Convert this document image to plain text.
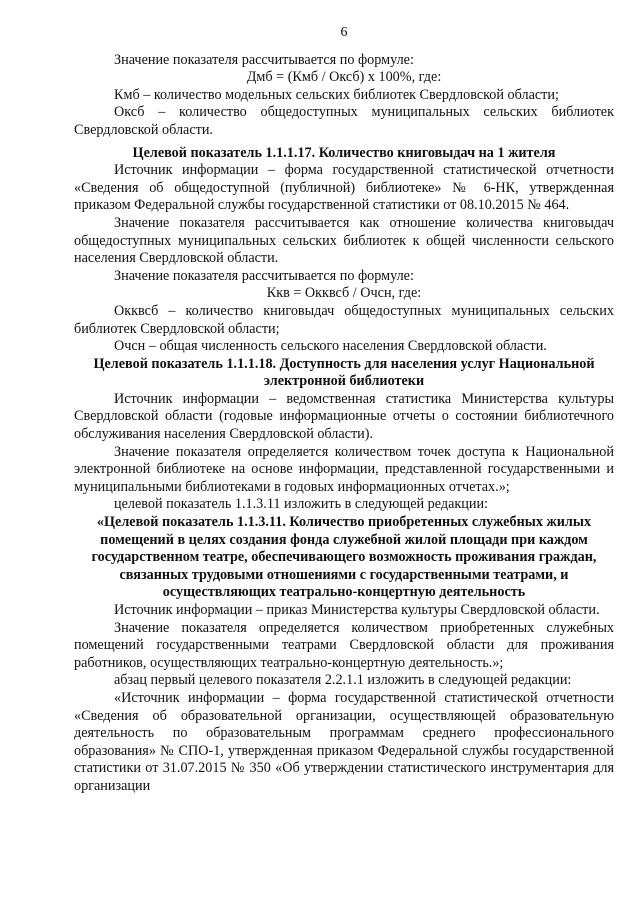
6

Значение показателя рассчитывается по формуле:

Дмб = (Кмб / Оксб) х 100%, где:

Кмб – количество модельных сельских библиотек Свердловской области;

Оксб – количество общедоступных муниципальных сельских библиотек Свердловской области.

Целевой показатель 1.1.1.17. Количество книговыдач на 1 жителя

Источник информации – форма государственной статистической отчетности «Сведения об общедоступной (публичной) библиотеке» № 6-НК, утвержденная приказом Федеральной службы государственной статистики от 08.10.2015 № 464.

Значение показателя рассчитывается как отношение количества книговыдач общедоступных муниципальных сельских библиотек к общей численности сельского населения Свердловской области.

Значение показателя рассчитывается по формуле:

Ккв = Окквсб / Очсн, где:

Окквсб – количество книговыдач общедоступных муниципальных сельских библиотек Свердловской области;

Очсн – общая численность сельского населения Свердловской области.

Целевой показатель 1.1.1.18. Доступность для населения услуг Национальной электронной библиотеки

Источник информации – ведомственная статистика Министерства культуры Свердловской области (годовые информационные отчеты о состоянии библиотечного обслуживания населения Свердловской области).

Значение показателя определяется количеством точек доступа к Национальной электронной библиотеке на основе информации, представленной государственными и муниципальными библиотеками в годовых информационных отчетах.»;

целевой показатель 1.1.3.11 изложить в следующей редакции:

«Целевой показатель 1.1.3.11. Количество приобретенных служебных жилых помещений в целях создания фонда служебной жилой площади при каждом государственном театре, обеспечивающего возможность проживания граждан, связанных трудовыми отношениями с государственными театрами, и осуществляющих театрально-концертную деятельность

Источник информации – приказ Министерства культуры Свердловской области.

Значение показателя определяется количеством приобретенных служебных помещений государственными театрами Свердловской области для проживания работников, осуществляющих театрально-концертную деятельность.»;

абзац первый целевого показателя 2.2.1.1 изложить в следующей редакции:

«Источник информации – форма государственной статистической отчетности «Сведения об образовательной организации, осуществляющей образовательную деятельность по образовательным программам среднего профессионального образования» № СПО-1, утвержденная приказом Федеральной службы государственной статистики от 31.07.2015 № 350 «Об утверждении статистического инструментария для организации
